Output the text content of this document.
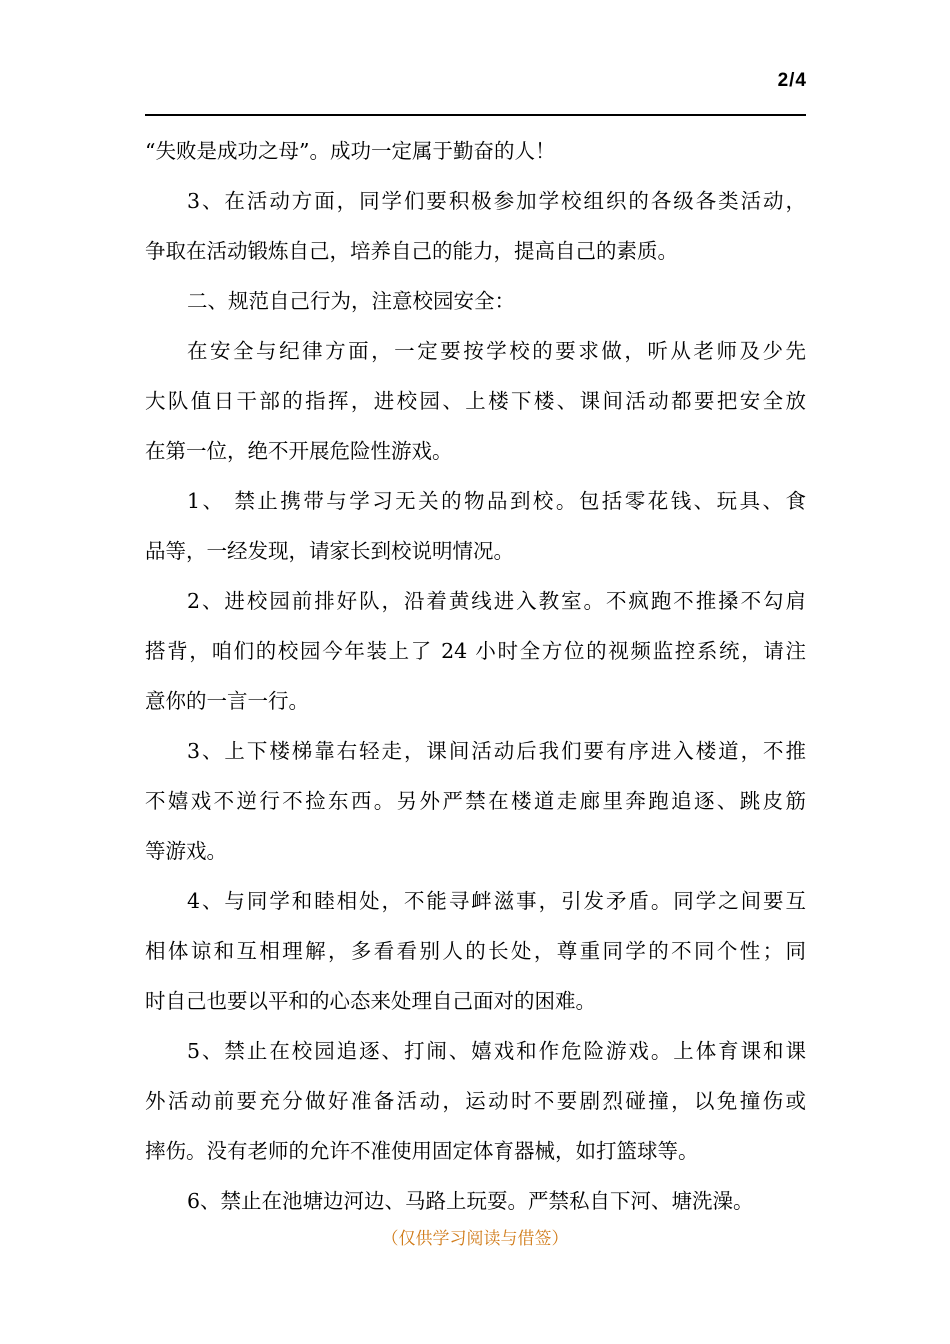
2/4
“失败是成功之母”。成功一定属于勤奋的人！
3、在活动方面，同学们要积极参加学校组织的各级各类活动，
争取在活动锻炼自己，培养自己的能力，提高自己的素质。
二、规范自己行为，注意校园安全：
在安全与纪律方面，一定要按学校的要求做，听从老师及少先
大队值日干部的指挥，进校园、上楼下楼、课间活动都要把安全放
在第一位，绝不开展危险性游戏。
1、 禁止携带与学习无关的物品到校。包括零花钱、玩具、食
品等，一经发现，请家长到校说明情况。
2、进校园前排好队，沿着黄线进入教室。不疯跑不推搡不勾肩
搭背，咱们的校园今年装上了 24 小时全方位的视频监控系统，请注
意你的一言一行。
3、上下楼梯靠右轻走，课间活动后我们要有序进入楼道，不推
不嬉戏不逆行不捡东西。另外严禁在楼道走廊里奔跑追逐、跳皮筋
等游戏。
4、与同学和睦相处，不能寻衅滋事，引发矛盾。同学之间要互
相体谅和互相理解，多看看别人的长处，尊重同学的不同个性；同
时自己也要以平和的心态来处理自己面对的困难。
5、禁止在校园追逐、打闹、嬉戏和作危险游戏。上体育课和课
外活动前要充分做好准备活动，运动时不要剧烈碰撞，以免撞伤或
摔伤。没有老师的允许不准使用固定体育器械，如打篮球等。
6、禁止在池塘边河边、马路上玩耍。严禁私自下河、塘洗澡。
（仅供学习阅读与借签）
